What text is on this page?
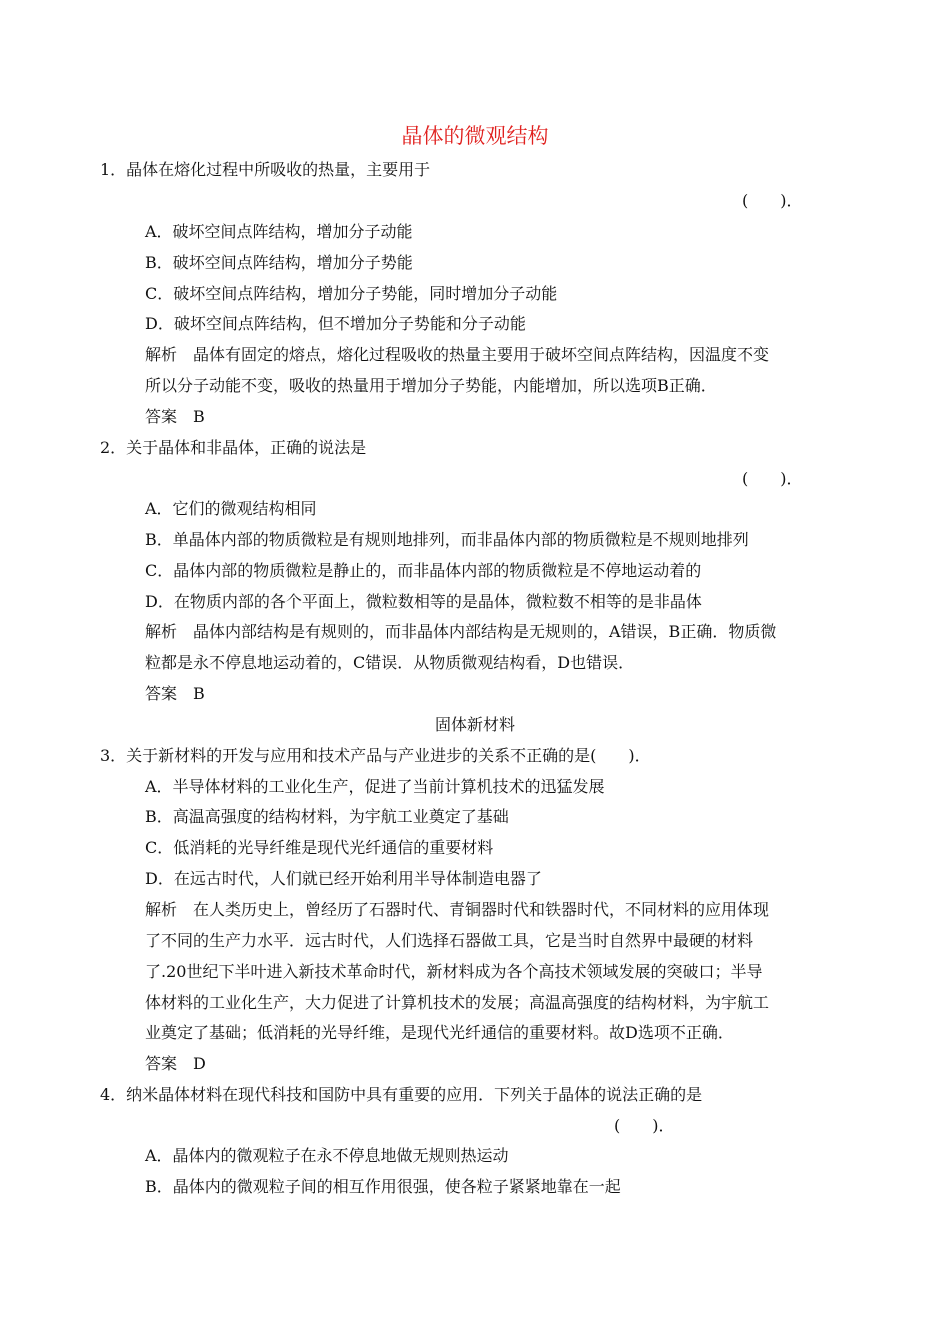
晶体的微观结构
1．晶体在熔化过程中所吸收的热量，主要用于
(　　)．
A．破坏空间点阵结构，增加分子动能
B．破坏空间点阵结构，增加分子势能
C．破坏空间点阵结构，增加分子势能，同时增加分子动能
D．破坏空间点阵结构，但不增加分子势能和分子动能
解析　晶体有固定的熔点，熔化过程吸收的热量主要用于破坏空间点阵结构，因温度不变
所以分子动能不变，吸收的热量用于增加分子势能，内能增加，所以选项B正确．
答案　B
2．关于晶体和非晶体，正确的说法是
(　　)．
A．它们的微观结构相同
B．单晶体内部的物质微粒是有规则地排列，而非晶体内部的物质微粒是不规则地排列
C．晶体内部的物质微粒是静止的，而非晶体内部的物质微粒是不停地运动着的
D．在物质内部的各个平面上，微粒数相等的是晶体，微粒数不相等的是非晶体
解析　晶体内部结构是有规则的，而非晶体内部结构是无规则的，A错误，B正确．物质微
粒都是永不停息地运动着的，C错误．从物质微观结构看，D也错误．
答案　B
固体新材料
3．关于新材料的开发与应用和技术产品与产业进步的关系不正确的是(　　)．
A．半导体材料的工业化生产，促进了当前计算机技术的迅猛发展
B．高温高强度的结构材料，为宇航工业奠定了基础
C．低消耗的光导纤维是现代光纤通信的重要材料
D．在远古时代，人们就已经开始利用半导体制造电器了
解析　在人类历史上，曾经历了石器时代、青铜器时代和铁器时代，不同材料的应用体现
了不同的生产力水平．远古时代，人们选择石器做工具，它是当时自然界中最硬的材料
了.20世纪下半叶进入新技术革命时代，新材料成为各个高技术领域发展的突破口；半导
体材料的工业化生产，大力促进了计算机技术的发展；高温高强度的结构材料，为宇航工
业奠定了基础；低消耗的光导纤维，是现代光纤通信的重要材料。故D选项不正确．
答案　D
4．纳米晶体材料在现代科技和国防中具有重要的应用．下列关于晶体的说法正确的是
(　　)．
A．晶体内的微观粒子在永不停息地做无规则热运动
B．晶体内的微观粒子间的相互作用很强，使各粒子紧紧地靠在一起
